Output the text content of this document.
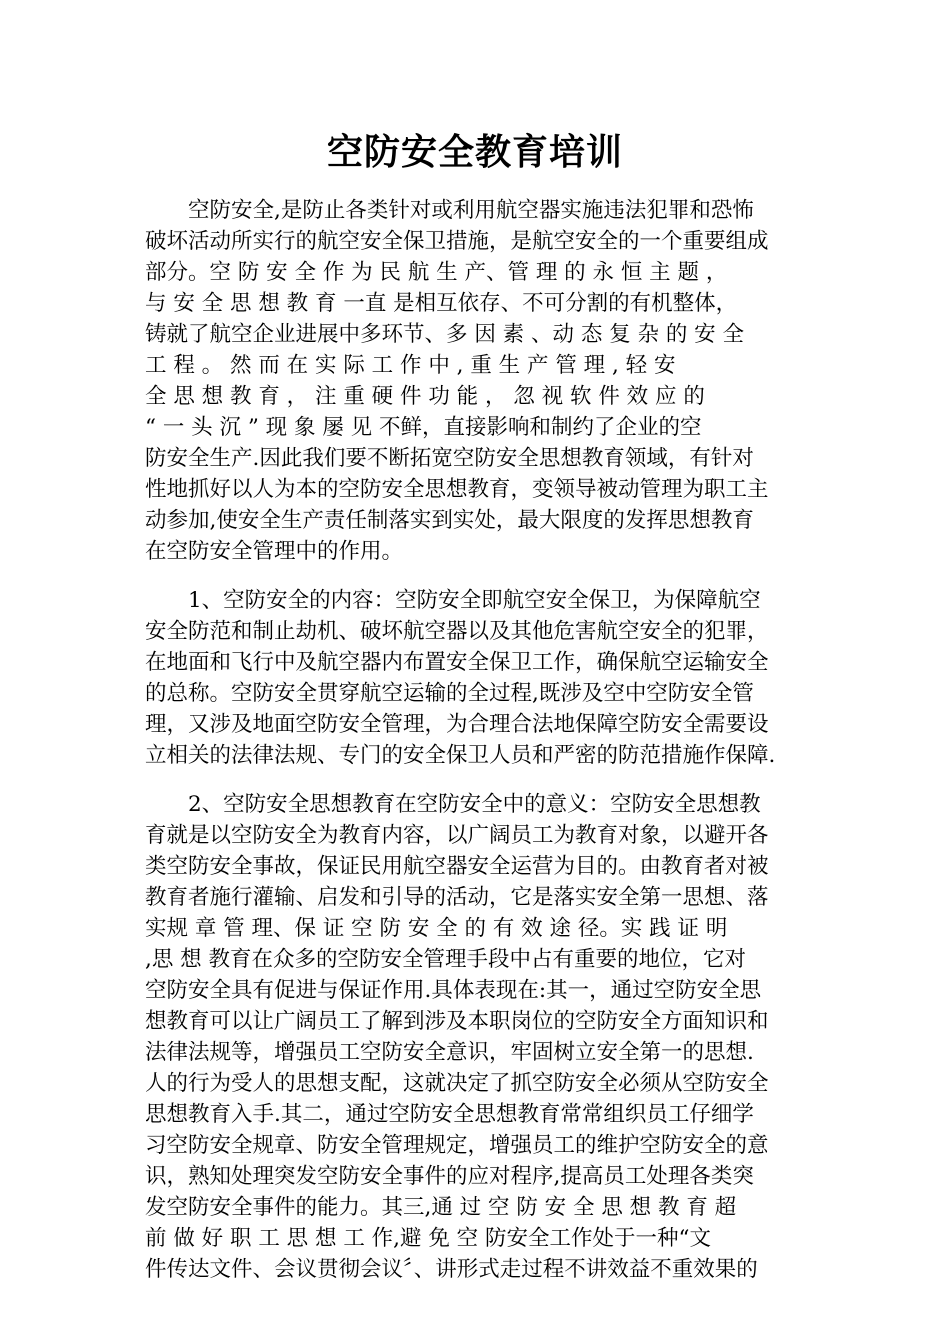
空防安全教育培训
空防安全,是防止各类针对或利用航空器实施违法犯罪和恐怖
破坏活动所实行的航空安全保卫措施，是航空安全的一个重要组成
部分。空 防 安 全 作 为 民 航 生 产、管 理 的 永 恒 主 题 ，
与 安 全 思 想 教 育 一直 是相互依存、不可分割的有机整体，
铸就了航空企业进展中多环节、多 因 素 、动 态 复 杂 的 安 全
工 程 。 然 而 在 实 际 工 作 中 , 重 生 产 管 理 , 轻 安
全 思 想 教 育 ， 注 重 硬 件 功 能 ， 忽 视 软 件 效 应 的
“ 一 头 沉 ” 现 象 屡 见 不鲜，直接影响和制约了企业的空
防安全生产.因此我们要不断拓宽空防安全思想教育领域，有针对
性地抓好以人为本的空防安全思想教育，变领导被动管理为职工主
动参加,使安全生产责任制落实到实处，最大限度的发挥思想教育
在空防安全管理中的作用。
1、空防安全的内容：空防安全即航空安全保卫，为保障航空
安全防范和制止劫机、破坏航空器以及其他危害航空安全的犯罪，
在地面和飞行中及航空器内布置安全保卫工作，确保航空运输安全
的总称。空防安全贯穿航空运输的全过程,既涉及空中空防安全管
理，又涉及地面空防安全管理，为合理合法地保障空防安全需要设
立相关的法律法规、专门的安全保卫人员和严密的防范措施作保障.
2、空防安全思想教育在空防安全中的意义：空防安全思想教
育就是以空防安全为教育内容，以广阔员工为教育对象，以避开各
类空防安全事故，保证民用航空器安全运营为目的。由教育者对被
教育者施行灌输、启发和引导的活动，它是落实安全第一思想、落
实规 章 管 理、保 证 空 防 安 全 的 有 效 途 径。实 践 证 明
,思 想 教育在众多的空防安全管理手段中占有重要的地位，它对
空防安全具有促进与保证作用.具体表现在:其一，通过空防安全思
想教育可以让广阔员工了解到涉及本职岗位的空防安全方面知识和
法律法规等，增强员工空防安全意识，牢固树立安全第一的思想.
人的行为受人的思想支配，这就决定了抓空防安全必须从空防安全
思想教育入手.其二，通过空防安全思想教育常常组织员工仔细学
习空防安全规章、防安全管理规定，增强员工的维护空防安全的意
识，熟知处理突发空防安全事件的应对程序,提高员工处理各类突
发空防安全事件的能力。其三,通 过 空 防 安 全 思 想 教 育 超
前 做 好 职 工 思 想 工 作,避 免 空 防安全工作处于一种“文
件传达文件、会议贯彻会议〞、讲形式走过程不讲效益不重效果的
